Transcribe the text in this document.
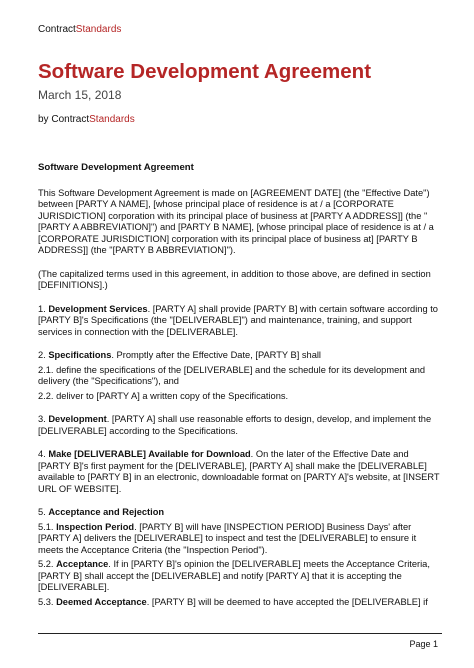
ContractStandards
Software Development Agreement
March 15, 2018
by ContractStandards

Software Development Agreement

This Software Development Agreement is made on [AGREEMENT DATE] (the "Effective Date") between [PARTY A NAME], [whose principal place of residence is at / a [CORPORATE JURISDICTION] corporation with its principal place of business at [PARTY A ADDRESS]] (the "[PARTY A ABBREVIATION]") and [PARTY B NAME], [whose principal place of residence is at / a [CORPORATE JURISDICTION] corporation with its principal place of business at] [PARTY B ADDRESS]] (the "[PARTY B ABBREVIATION]").

(The capitalized terms used in this agreement, in addition to those above, are defined in section [DEFINITIONS].)

1. Development Services. [PARTY A] shall provide [PARTY B] with certain software according to [PARTY B]'s Specifications (the "[DELIVERABLE]") and maintenance, training, and support services in connection with the [DELIVERABLE].

2. Specifications. Promptly after the Effective Date, [PARTY B] shall

2.1. define the specifications of the [DELIVERABLE] and the schedule for its development and delivery (the "Specifications"), and

2.2. deliver to [PARTY A] a written copy of the Specifications.

3. Development. [PARTY A] shall use reasonable efforts to design, develop, and implement the [DELIVERABLE] according to the Specifications.

4. Make [DELIVERABLE] Available for Download. On the later of the Effective Date and [PARTY B]'s first payment for the [DELIVERABLE], [PARTY A] shall make the [DELIVERABLE] available to [PARTY B] in an electronic, downloadable format on [PARTY A]'s website, at [INSERT URL OF WEBSITE].

5. Acceptance and Rejection

5.1. Inspection Period. [PARTY B] will have [INSPECTION PERIOD] Business Days' after [PARTY A] delivers the [DELIVERABLE] to inspect and test the [DELIVERABLE] to ensure it meets the Acceptance Criteria (the "Inspection Period").

5.2. Acceptance. If in [PARTY B]'s opinion the [DELIVERABLE] meets the Acceptance Criteria, [PARTY B] shall accept the [DELIVERABLE] and notify [PARTY A] that it is accepting the [DELIVERABLE].

5.3. Deemed Acceptance. [PARTY B] will be deemed to have accepted the [DELIVERABLE] if

Page 1
